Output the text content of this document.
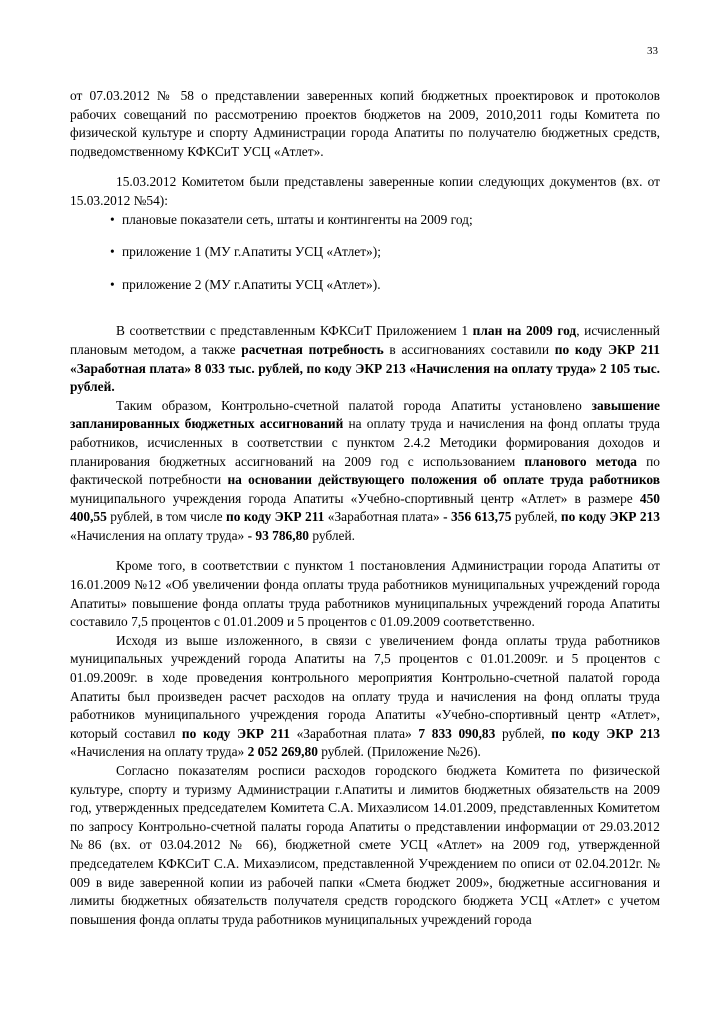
33

от 07.03.2012 № 58 о представлении заверенных копий бюджетных проектировок и протоколов рабочих совещаний по рассмотрению проектов бюджетов на 2009, 2010,2011 годы Комитета по физической культуре и спорту Администрации города Апатиты по получателю бюджетных средств, подведомственному КФКСиТ УСЦ «Атлет».

15.03.2012 Комитетом были представлены заверенные копии следующих документов (вх. от 15.03.2012 №54):

• плановые показатели сеть, штаты и контингенты на 2009 год;
• приложение 1 (МУ г.Апатиты УСЦ «Атлет»);
• приложение 2 (МУ г.Апатиты УСЦ «Атлет»).

В соответствии с представленным КФКСиТ Приложением 1 план на 2009 год, исчисленный плановым методом, а также расчетная потребность в ассигнованиях составили по коду ЭКР 211 «Заработная плата» 8 033 тыс. рублей, по коду ЭКР 213 «Начисления на оплату труда» 2 105 тыс. рублей.

Таким образом, Контрольно-счетной палатой города Апатиты установлено завышение запланированных бюджетных ассигнований на оплату труда и начисления на фонд оплаты труда работников, исчисленных в соответствии с пунктом 2.4.2 Методики формирования доходов и планирования бюджетных ассигнований на 2009 год с использованием планового метода по фактической потребности на основании действующего положения об оплате труда работников муниципального учреждения города Апатиты «Учебно-спортивный центр «Атлет» в размере 450 400,55 рублей, в том числе по коду ЭКР 211 «Заработная плата» - 356 613,75 рублей, по коду ЭКР 213 «Начисления на оплату труда» - 93 786,80 рублей.

Кроме того, в соответствии с пунктом 1 постановления Администрации города Апатиты от 16.01.2009 №12 «Об увеличении фонда оплаты труда работников муниципальных учреждений города Апатиты» повышение фонда оплаты труда работников муниципальных учреждений города Апатиты составило 7,5 процентов с 01.01.2009 и 5 процентов с 01.09.2009 соответственно.

Исходя из выше изложенного, в связи с увеличением фонда оплаты труда работников муниципальных учреждений города Апатиты на 7,5 процентов с 01.01.2009г. и 5 процентов с 01.09.2009г. в ходе проведения контрольного мероприятия Контрольно-счетной палатой города Апатиты был произведен расчет расходов на оплату труда и начисления на фонд оплаты труда работников муниципального учреждения города Апатиты «Учебно-спортивный центр «Атлет», который составил по коду ЭКР 211 «Заработная плата» 7 833 090,83 рублей, по коду ЭКР 213 «Начисления на оплату труда» 2 052 269,80 рублей. (Приложение №26).

Согласно показателям росписи расходов городского бюджета Комитета по физической культуре, спорту и туризму Администрации г.Апатиты и лимитов бюджетных обязательств на 2009 год, утвержденных председателем Комитета С.А. Михаэлисом 14.01.2009, представленных Комитетом по запросу Контрольно-счетной палаты города Апатиты о представлении информации от 29.03.2012 №86 (вх. от 03.04.2012 № 66), бюджетной смете УСЦ «Атлет» на 2009 год, утвержденной председателем КФКСиТ С.А. Михаэлисом, представленной Учреждением по описи от 02.04.2012г. № 009 в виде заверенной копии из рабочей папки «Смета бюджет 2009», бюджетные ассигнования и лимиты бюджетных обязательств получателя средств городского бюджета УСЦ «Атлет» с учетом повышения фонда оплаты труда работников муниципальных учреждений города
